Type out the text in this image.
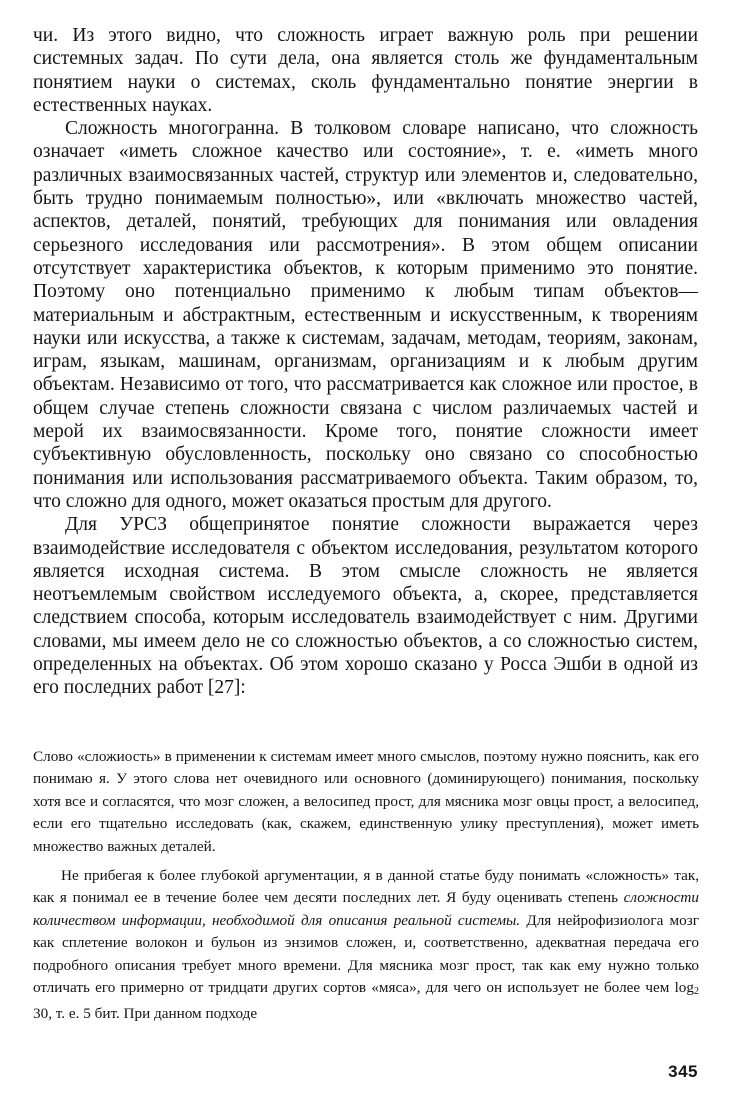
чи. Из этого видно, что сложность играет важную роль при решении системных задач. По сути дела, она является столь же фундаментальным понятием науки о системах, сколь фундаментально понятие энергии в естественных науках.

Сложность многогранна. В толковом словаре написано, что сложность означает «иметь сложное качество или состояние», т. е. «иметь много различных взаимосвязанных частей, структур или элементов и, следовательно, быть трудно понимаемым полностью», или «включать множество частей, аспектов, деталей, понятий, требующих для понимания или овладения серьезного исследования или рассмотрения». В этом общем описании отсутствует характеристика объектов, к которым применимо это понятие. Поэтому оно потенциально применимо к любым типам объектов—материальным и абстрактным, естественным и искусственным, к творениям науки или искусства, а также к системам, задачам, методам, теориям, законам, играм, языкам, машинам, организмам, организациям и к любым другим объектам. Независимо от того, что рассматривается как сложное или простое, в общем случае степень сложности связана с числом различаемых частей и мерой их взаимосвязанности. Кроме того, понятие сложности имеет субъективную обусловленность, поскольку оно связано со способностью понимания или использования рассматриваемого объекта. Таким образом, то, что сложно для одного, может оказаться простым для другого.

Для УРСЗ общепринятое понятие сложности выражается через взаимодействие исследователя с объектом исследования, результатом которого является исходная система. В этом смысле сложность не является неотъемлемым свойством исследуемого объекта, а, скорее, представляется следствием способа, которым исследователь взаимодействует с ним. Другими словами, мы имеем дело не со сложностью объектов, а со сложностью систем, определенных на объектах. Об этом хорошо сказано у Росса Эшби в одной из его последних работ [27]:

Слово «сложиость» в применении к системам имеет много смыслов, поэтому нужно пояснить, как его понимаю я. У этого слова нет очевидного или основного (доминирующего) понимания, поскольку хотя все и согласятся, что мозг сложен, а велосипед прост, для мясника мозг овцы прост, а велосипед, если его тщательно исследовать (как, скажем, единственную улику преступления), может иметь множество важных деталей.

Не прибегая к более глубокой аргументации, я в данной статье буду понимать «сложность» так, как я понимал ее в течение более чем десяти последних лет. Я буду оценивать степень сложности количеством информации, необходимой для описания реальной системы. Для нейрофизиолога мозг как сплетение волокон и бульон из энзимов сложен, и, соответственно, адекватная передача его подробного описания требует много времени. Для мясника мозг прост, так как ему нужно только отличать его примерно от тридцати других сортов «мяса», для чего он использует не более чем $\log_2 30$, т. е. 5 бит. При данном подходе

345
